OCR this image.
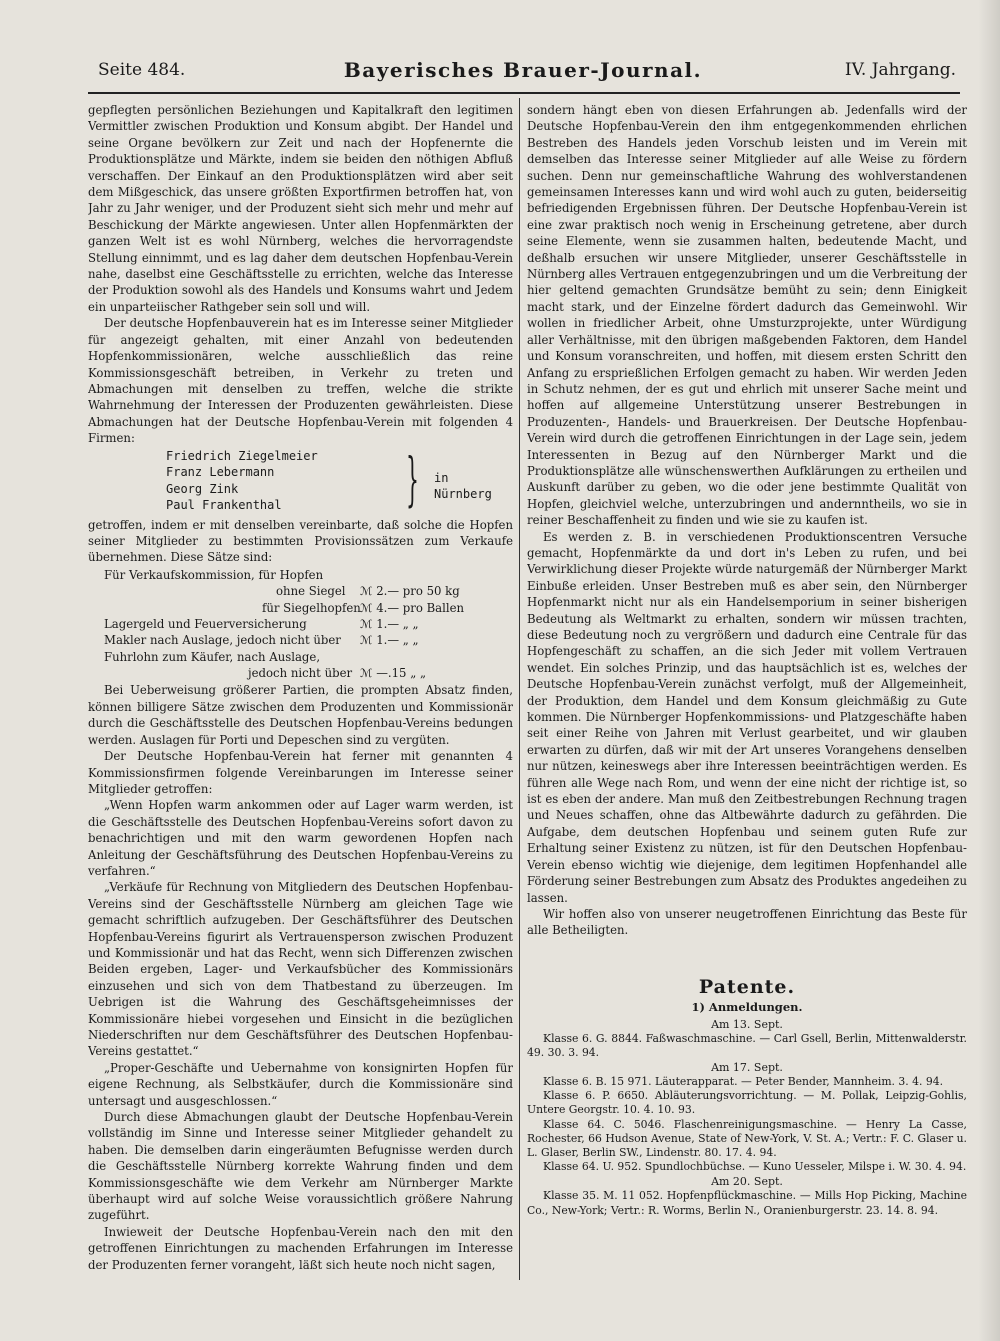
Seite 484.	Bayerisches Brauer-Journal.	IV. Jahrgang.

gepflegten persönlichen Beziehungen und Kapitalkraft den legitimen Vermittler zwischen Produktion und Konsum abgibt. Der Handel und seine Organe bevölkern zur Zeit und nach der Hopfenernte die Produktionsplätze und Märkte, indem sie beiden den nöthigen Abfluß verschaffen. Der Einkauf an den Produktionsplätzen wird aber seit dem Mißgeschick, das unsere größten Exportfirmen betroffen hat, von Jahr zu Jahr weniger, und der Produzent sieht sich mehr und mehr auf Beschickung der Märkte angewiesen. Unter allen Hopfenmärkten der ganzen Welt ist es wohl Nürnberg, welches die hervorragendste Stellung einnimmt, und es lag daher dem deutschen Hopfenbau-Verein nahe, daselbst eine Geschäftsstelle zu errichten, welche das Interesse der Produktion sowohl als des Handels und Konsums wahrt und Jedem ein unparteiischer Rathgeber sein soll und will.

Der deutsche Hopfenbauverein hat es im Interesse seiner Mitglieder für angezeigt gehalten, mit einer Anzahl von bedeutenden Hopfenkommissionären, welche ausschließlich das reine Kommissionsgeschäft betreiben, in Verkehr zu treten und Abmachungen mit denselben zu treffen, welche die strikte Wahrnehmung der Interessen der Produzenten gewährleisten. Diese Abmachungen hat der Deutsche Hopfenbau-Verein mit folgenden 4 Firmen:

Friedrich Ziegelmeier
Franz Lebermann
Georg Zink
Paul Frankenthal	} in Nürnberg

getroffen, indem er mit denselben vereinbarte, daß solche die Hopfen seiner Mitglieder zu bestimmten Provisionssätzen zum Verkaufe übernehmen. Diese Sätze sind:

Für Verkaufskommission, für Hopfen
ohne Siegel ℳ 2.— pro 50 kg
für Siegelhopfen ℳ 4.— pro Ballen
Lagergeld und Feuerversicherung	ℳ 1.— „ „
Makler nach Auslage, jedoch nicht über ℳ 1.— „ „
Fuhrlohn zum Käufer, nach Auslage,
jedoch nicht über ℳ —.15 „ „

Bei Ueberweisung größerer Partien, die prompten Absatz finden, können billigere Sätze zwischen dem Produzenten und Kommissionär durch die Geschäftsstelle des Deutschen Hopfenbau-Vereins bedungen werden. Auslagen für Porti und Depeschen sind zu vergüten.

Der Deutsche Hopfenbau-Verein hat ferner mit genannten 4 Kommissionsfirmen folgende Vereinbarungen im Interesse seiner Mitglieder getroffen:

„Wenn Hopfen warm ankommen oder auf Lager warm werden, ist die Geschäftsstelle des Deutschen Hopfenbau-Vereins sofort davon zu benachrichtigen und mit den warm gewordenen Hopfen nach Anleitung der Geschäftsführung des Deutschen Hopfenbau-Vereins zu verfahren.“

„Verkäufe für Rechnung von Mitgliedern des Deutschen Hopfenbau-Vereins sind der Geschäftsstelle Nürnberg am gleichen Tage wie gemacht schriftlich aufzugeben. Der Geschäftsführer des Deutschen Hopfenbau-Vereins figurirt als Vertrauensperson zwischen Produzent und Kommissionär und hat das Recht, wenn sich Differenzen zwischen Beiden ergeben, Lager- und Verkaufsbücher des Kommissionärs einzusehen und sich von dem Thatbestand zu überzeugen. Im Uebrigen ist die Wahrung des Geschäftsgeheimnisses der Kommissionäre hiebei vorgesehen und Einsicht in die bezüglichen Niederschriften nur dem Geschäftsführer des Deutschen Hopfenbau-Vereins gestattet.“

„Proper-Geschäfte und Uebernahme von konsignirten Hopfen für eigene Rechnung, als Selbstkäufer, durch die Kommissionäre sind untersagt und ausgeschlossen.“

Durch diese Abmachungen glaubt der Deutsche Hopfenbau-Verein vollständig im Sinne und Interesse seiner Mitglieder gehandelt zu haben. Die demselben darin eingeräumten Befugnisse werden durch die Geschäftsstelle Nürnberg korrekte Wahrung finden und dem Kommissionsgeschäfte wie dem Verkehr am Nürnberger Markte überhaupt wird auf solche Weise voraussichtlich größere Nahrung zugeführt.

Inwieweit der Deutsche Hopfenbau-Verein nach den mit den getroffenen Einrichtungen zu machenden Erfahrungen im Interesse der Produzenten ferner vorangeht, läßt sich heute noch nicht sagen,

sondern hängt eben von diesen Erfahrungen ab. Jedenfalls wird der Deutsche Hopfenbau-Verein den ihm entgegenkommenden ehrlichen Bestreben des Handels jeden Vorschub leisten und im Verein mit demselben das Interesse seiner Mitglieder auf alle Weise zu fördern suchen. Denn nur gemeinschaftliche Wahrung des wohlverstandenen gemeinsamen Interesses kann und wird wohl auch zu guten, beiderseitig befriedigenden Ergebnissen führen. Der Deutsche Hopfenbau-Verein ist eine zwar praktisch noch wenig in Erscheinung getretene, aber durch seine Elemente, wenn sie zusammen halten, bedeutende Macht, und deßhalb ersuchen wir unsere Mitglieder, unserer Geschäftsstelle in Nürnberg alles Vertrauen entgegenzubringen und um die Verbreitung der hier geltend gemachten Grundsätze bemüht zu sein; denn Einigkeit macht stark, und der Einzelne fördert dadurch das Gemeinwohl. Wir wollen in friedlicher Arbeit, ohne Umsturzprojekte, unter Würdigung aller Verhältnisse, mit den übrigen maßgebenden Faktoren, dem Handel und Konsum voranschreiten, und hoffen, mit diesem ersten Schritt den Anfang zu ersprießlichen Erfolgen gemacht zu haben. Wir werden Jeden in Schutz nehmen, der es gut und ehrlich mit unserer Sache meint und hoffen auf allgemeine Unterstützung unserer Bestrebungen in Produzenten-, Handels- und Brauerkreisen. Der Deutsche Hopfenbau-Verein wird durch die getroffenen Einrichtungen in der Lage sein, jedem Interessenten in Bezug auf den Nürnberger Markt und die Produktionsplätze alle wünschenswerthen Aufklärungen zu ertheilen und Auskunft darüber zu geben, wo die oder jene bestimmte Qualität von Hopfen, gleichviel welche, unterzubringen und andernntheils, wo sie in reiner Beschaffenheit zu finden und wie sie zu kaufen ist.

Es werden z. B. in verschiedenen Produktionscentren Versuche gemacht, Hopfenmärkte da und dort in's Leben zu rufen, und bei Verwirklichung dieser Projekte würde naturgemäß der Nürnberger Markt Einbuße erleiden. Unser Bestreben muß es aber sein, den Nürnberger Hopfenmarkt nicht nur als ein Handelsemporium in seiner bisherigen Bedeutung als Weltmarkt zu erhalten, sondern wir müssen trachten, diese Bedeutung noch zu vergrößern und dadurch eine Centrale für das Hopfengeschäft zu schaffen, an die sich Jeder mit vollem Vertrauen wendet. Ein solches Prinzip, und das hauptsächlich ist es, welches der Deutsche Hopfenbau-Verein zunächst verfolgt, muß der Allgemeinheit, der Produktion, dem Handel und dem Konsum gleichmäßig zu Gute kommen. Die Nürnberger Hopfenkommissions- und Platzgeschäfte haben seit einer Reihe von Jahren mit Verlust gearbeitet, und wir glauben erwarten zu dürfen, daß wir mit der Art unseres Vorangehens denselben nur nützen, keineswegs aber ihre Interessen beeinträchtigen werden. Es führen alle Wege nach Rom, und wenn der eine nicht der richtige ist, so ist es eben der andere. Man muß den Zeitbestrebungen Rechnung tragen und Neues schaffen, ohne das Altbewährte dadurch zu gefährden. Die Aufgabe, dem deutschen Hopfenbau und seinem guten Rufe zur Erhaltung seiner Existenz zu nützen, ist für den Deutschen Hopfenbau-Verein ebenso wichtig wie diejenige, dem legitimen Hopfenhandel alle Förderung seiner Bestrebungen zum Absatz des Produktes angedeihen zu lassen.

Wir hoffen also von unserer neugetroffenen Einrichtung das Beste für alle Betheiligten.

Patente.
1) Anmeldungen.
Am 13. Sept.

Klasse 6. G. 8844. Faßwaschmaschine. — Carl Gsell, Berlin, Mittenwalderstr. 49. 30. 3. 94.

Am 17. Sept.

Klasse 6. B. 15 971. Läuterapparat. — Peter Bender, Mannheim. 3. 4. 94.

Klasse 6. P. 6650. Abläuterungsvorrichtung. — M. Pollak, Leipzig-Gohlis, Untere Georgstr. 10. 4. 10. 93.

Klasse 64. C. 5046. Flaschenreinigungsmaschine. — Henry La Casse, Rochester, 66 Hudson Avenue, State of New-York, V. St. A.; Vertr.: F. C. Glaser u. L. Glaser, Berlin SW., Lindenstr. 80. 17. 4. 94.

Klasse 64. U. 952. Spundlochbüchse. — Kuno Uesseler, Milspe i. W. 30. 4. 94.

Am 20. Sept.

Klasse 35. M. 11 052. Hopfenpflückmaschine. — Mills Hop Picking, Machine Co., New-York; Vertr.: R. Worms, Berlin N., Oranienburgerstr. 23. 14. 8. 94.
